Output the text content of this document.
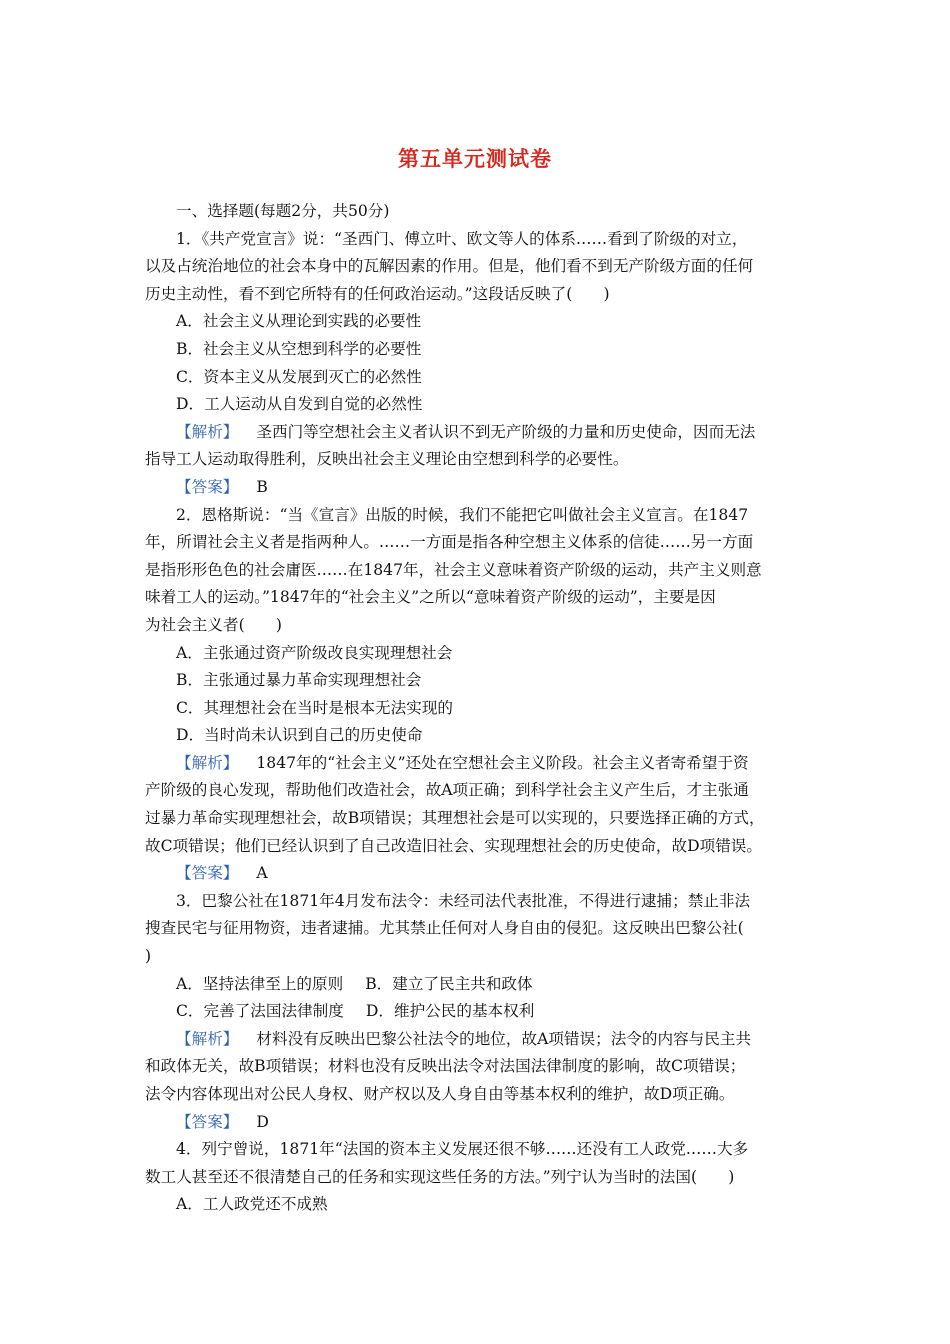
第五单元测试卷
一、选择题(每题2分，共50分)
1．《共产党宣言》说：“圣西门、傅立叶、欧文等人的体系……看到了阶级的对立，
以及占统治地位的社会本身中的瓦解因素的作用。但是，他们看不到无产阶级方面的任何
历史主动性，看不到它所特有的任何政治运动。”这段话反映了(　　)
A．社会主义从理论到实践的必要性
B．社会主义从空想到科学的必要性
C．资本主义从发展到灭亡的必然性
D．工人运动从自发到自觉的必然性
【解析】 圣西门等空想社会主义者认识不到无产阶级的力量和历史使命，因而无法
指导工人运动取得胜利，反映出社会主义理论由空想到科学的必要性。
【答案】 B
2．恩格斯说：“当《宣言》出版的时候，我们不能把它叫做社会主义宣言。在1847
年，所谓社会主义者是指两种人。……一方面是指各种空想主义体系的信徒……另一方面
是指形形色色的社会庸医……在1847年，社会主义意味着资产阶级的运动，共产主义则意
味着工人的运动。”1847年的“社会主义”之所以“意味着资产阶级的运动”，主要是因
为社会主义者(　　)
A．主张通过资产阶级改良实现理想社会
B．主张通过暴力革命实现理想社会
C．其理想社会在当时是根本无法实现的
D．当时尚未认识到自己的历史使命
【解析】 1847年的“社会主义”还处在空想社会主义阶段。社会主义者寄希望于资
产阶级的良心发现，帮助他们改造社会，故A项正确；到科学社会主义产生后，才主张通
过暴力革命实现理想社会，故B项错误；其理想社会是可以实现的，只要选择正确的方式，
故C项错误；他们已经认识到了自己改造旧社会、实现理想社会的历史使命，故D项错误。
【答案】 A
3．巴黎公社在1871年4月发布法令：未经司法代表批准，不得进行逮捕；禁止非法
搜查民宅与征用物资，违者逮捕。尤其禁止任何对人身自由的侵犯。这反映出巴黎公社(
)
A．坚持法律至上的原则 B．建立了民主共和政体
C．完善了法国法律制度 D．维护公民的基本权利
【解析】 材料没有反映出巴黎公社法令的地位，故A项错误；法令的内容与民主共
和政体无关，故B项错误；材料也没有反映出法令对法国法律制度的影响，故C项错误；
法令内容体现出对公民人身权、财产权以及人身自由等基本权利的维护，故D项正确。
【答案】 D
4．列宁曾说，1871年“法国的资本主义发展还很不够……还没有工人政党……大多
数工人甚至还不很清楚自己的任务和实现这些任务的方法。”列宁认为当时的法国(　　)
A．工人政党还不成熟
